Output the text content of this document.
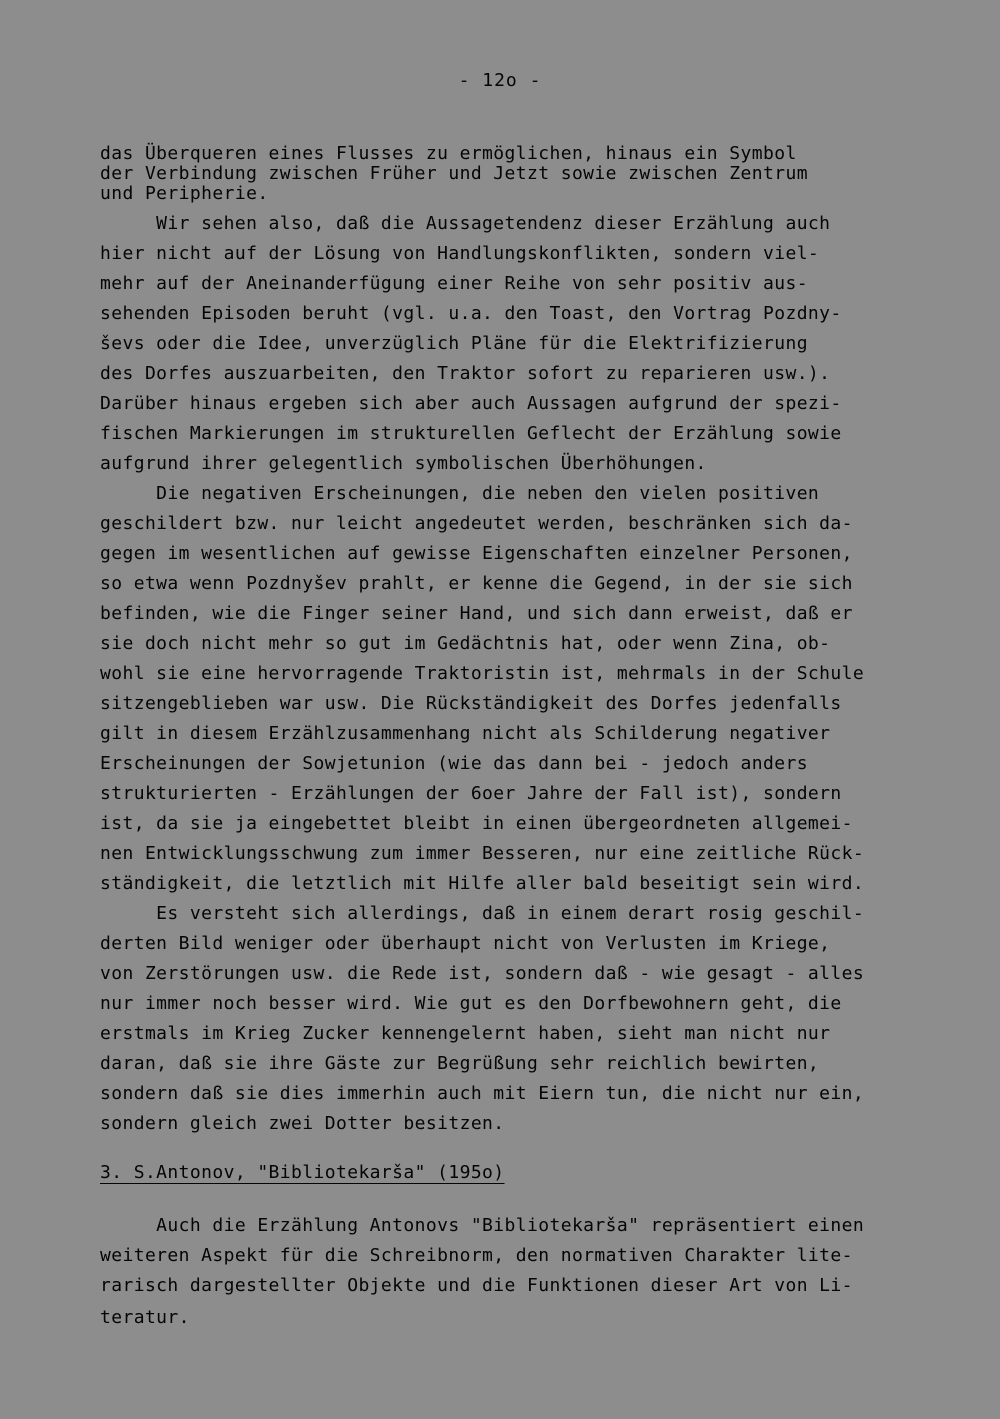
- 12o -
das Überqueren eines Flusses zu ermöglichen, hinaus ein Symbol
der Verbindung zwischen Früher und Jetzt sowie zwischen Zentrum
und Peripherie.
Wir sehen also, daß die Aussagetendenz dieser Erzählung auch
hier nicht auf der Lösung von Handlungskonflikten, sondern viel-
mehr auf der Aneinanderfügung einer Reihe von sehr positiv aus-
sehenden Episoden beruht (vgl. u.a. den Toast, den Vortrag Pozdny-
ševs oder die Idee, unverzüglich Pläne für die Elektrifizierung
des Dorfes auszuarbeiten, den Traktor sofort zu reparieren usw.).
Darüber hinaus ergeben sich aber auch Aussagen aufgrund der spezi-
fischen Markierungen im strukturellen Geflecht der Erzählung sowie
aufgrund ihrer gelegentlich symbolischen Überhöhungen.
Die negativen Erscheinungen, die neben den vielen positiven
geschildert bzw. nur leicht angedeutet werden, beschränken sich da-
gegen im wesentlichen auf gewisse Eigenschaften einzelner Personen,
so etwa wenn Pozdnyšev prahlt, er kenne die Gegend, in der sie sich
befinden, wie die Finger seiner Hand, und sich dann erweist, daß er
sie doch nicht mehr so gut im Gedächtnis hat, oder wenn Zina, ob-
wohl sie eine hervorragende Traktoristin ist, mehrmals in der Schule
sitzengeblieben war usw. Die Rückständigkeit des Dorfes jedenfalls
gilt in diesem Erzählzusammenhang nicht als Schilderung negativer
Erscheinungen der Sowjetunion (wie das dann bei - jedoch anders
strukturierten - Erzählungen der 6oer Jahre der Fall ist), sondern
ist, da sie ja eingebettet bleibt in einen übergeordneten allgemei-
nen Entwicklungsschwung zum immer Besseren, nur eine zeitliche Rück-
ständigkeit, die letztlich mit Hilfe aller bald beseitigt sein wird.
Es versteht sich allerdings, daß in einem derart rosig geschil-
derten Bild weniger oder überhaupt nicht von Verlusten im Kriege,
von Zerstörungen usw. die Rede ist, sondern daß - wie gesagt - alles
nur immer noch besser wird. Wie gut es den Dorfbewohnern geht, die
erstmals im Krieg Zucker kennengelernt haben, sieht man nicht nur
daran, daß sie ihre Gäste zur Begrüßung sehr reichlich bewirten,
sondern daß sie dies immerhin auch mit Eiern tun, die nicht nur ein,
sondern gleich zwei Dotter besitzen.
3. S.Antonov, "Bibliotekarša" (195o)
Auch die Erzählung Antonovs "Bibliotekarša" repräsentiert einen
weiteren Aspekt für die Schreibnorm, den normativen Charakter lite-
rarisch dargestellter Objekte und die Funktionen dieser Art von Li-
teratur.
